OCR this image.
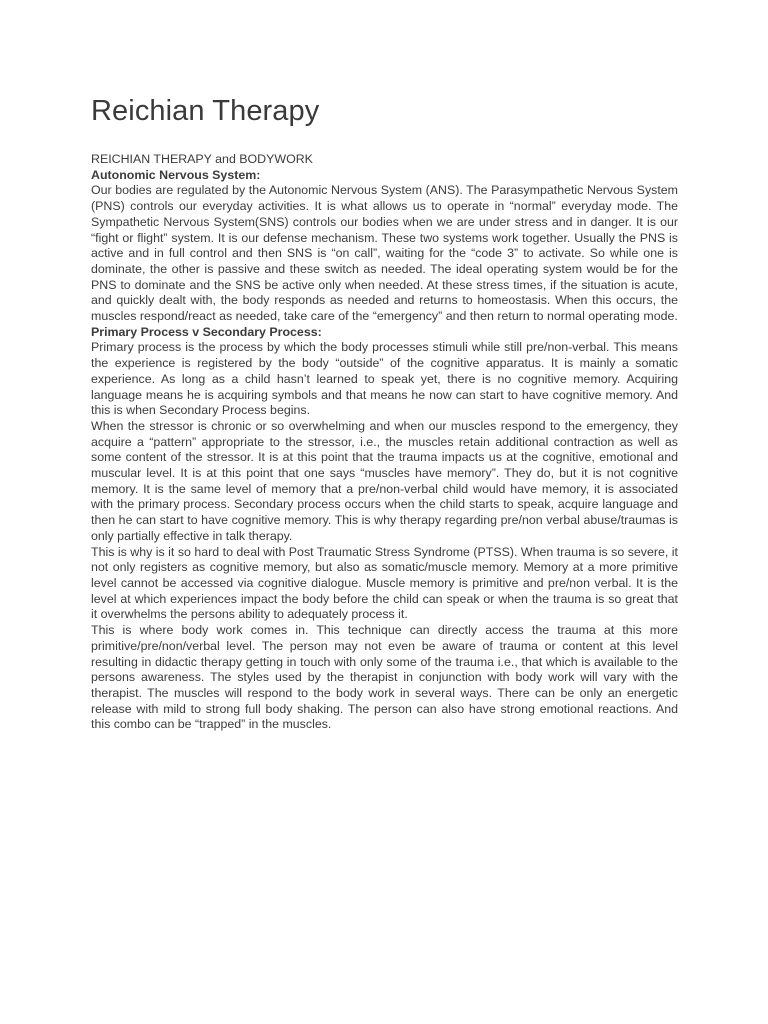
Reichian Therapy

REICHIAN THERAPY and BODYWORK

Autonomic Nervous System:

Our bodies are regulated by the Autonomic Nervous System (ANS). The Parasympathetic Nervous System (PNS) controls our everyday activities. It is what allows us to operate in “normal” everyday mode. The Sympathetic Nervous System(SNS) controls our bodies when we are under stress and in danger. It is our “fight or flight” system. It is our defense mechanism. These two systems work together. Usually the PNS is active and in full control and then SNS is “on call”, waiting for the “code 3” to activate. So while one is dominate, the other is passive and these switch as needed. The ideal operating system would be for the PNS to dominate and the SNS be active only when needed. At these stress times, if the situation is acute, and quickly dealt with, the body responds as needed and returns to homeostasis. When this occurs, the muscles respond/react as needed, take care of the “emergency” and then return to normal operating mode.

Primary Process v Secondary Process:

Primary process is the process by which the body processes stimuli while still pre/non-verbal. This means the experience is registered by the body “outside” of the cognitive apparatus. It is mainly a somatic experience. As long as a child hasn’t learned to speak yet, there is no cognitive memory. Acquiring language means he is acquiring symbols and that means he now can start to have cognitive memory. And this is when Secondary Process begins.

When the stressor is chronic or so overwhelming and when our muscles respond to the emergency, they acquire a “pattern” appropriate to the stressor, i.e., the muscles retain additional contraction as well as some content of the stressor. It is at this point that the trauma impacts us at the cognitive, emotional and muscular level. It is at this point that one says “muscles have memory”. They do, but it is not cognitive memory. It is the same level of memory that a pre/non-verbal child would have memory, it is associated with the primary process. Secondary process occurs when the child starts to speak, acquire language and then he can start to have cognitive memory. This is why therapy regarding pre/non verbal abuse/traumas is only partially effective in talk therapy.

This is why is it so hard to deal with Post Traumatic Stress Syndrome (PTSS). When trauma is so severe, it not only registers as cognitive memory, but also as somatic/muscle memory. Memory at a more primitive level cannot be accessed via cognitive dialogue. Muscle memory is primitive and pre/non verbal. It is the level at which experiences impact the body before the child can speak or when the trauma is so great that it overwhelms the persons ability to adequately process it.

This is where body work comes in. This technique can directly access the trauma at this more primitive/pre/non/verbal level. The person may not even be aware of trauma or content at this level resulting in didactic therapy getting in touch with only some of the trauma i.e., that which is available to the persons awareness. The styles used by the therapist in conjunction with body work will vary with the therapist. The muscles will respond to the body work in several ways. There can be only an energetic release with mild to strong full body shaking. The person can also have strong emotional reactions. And this combo can be “trapped” in the muscles.
